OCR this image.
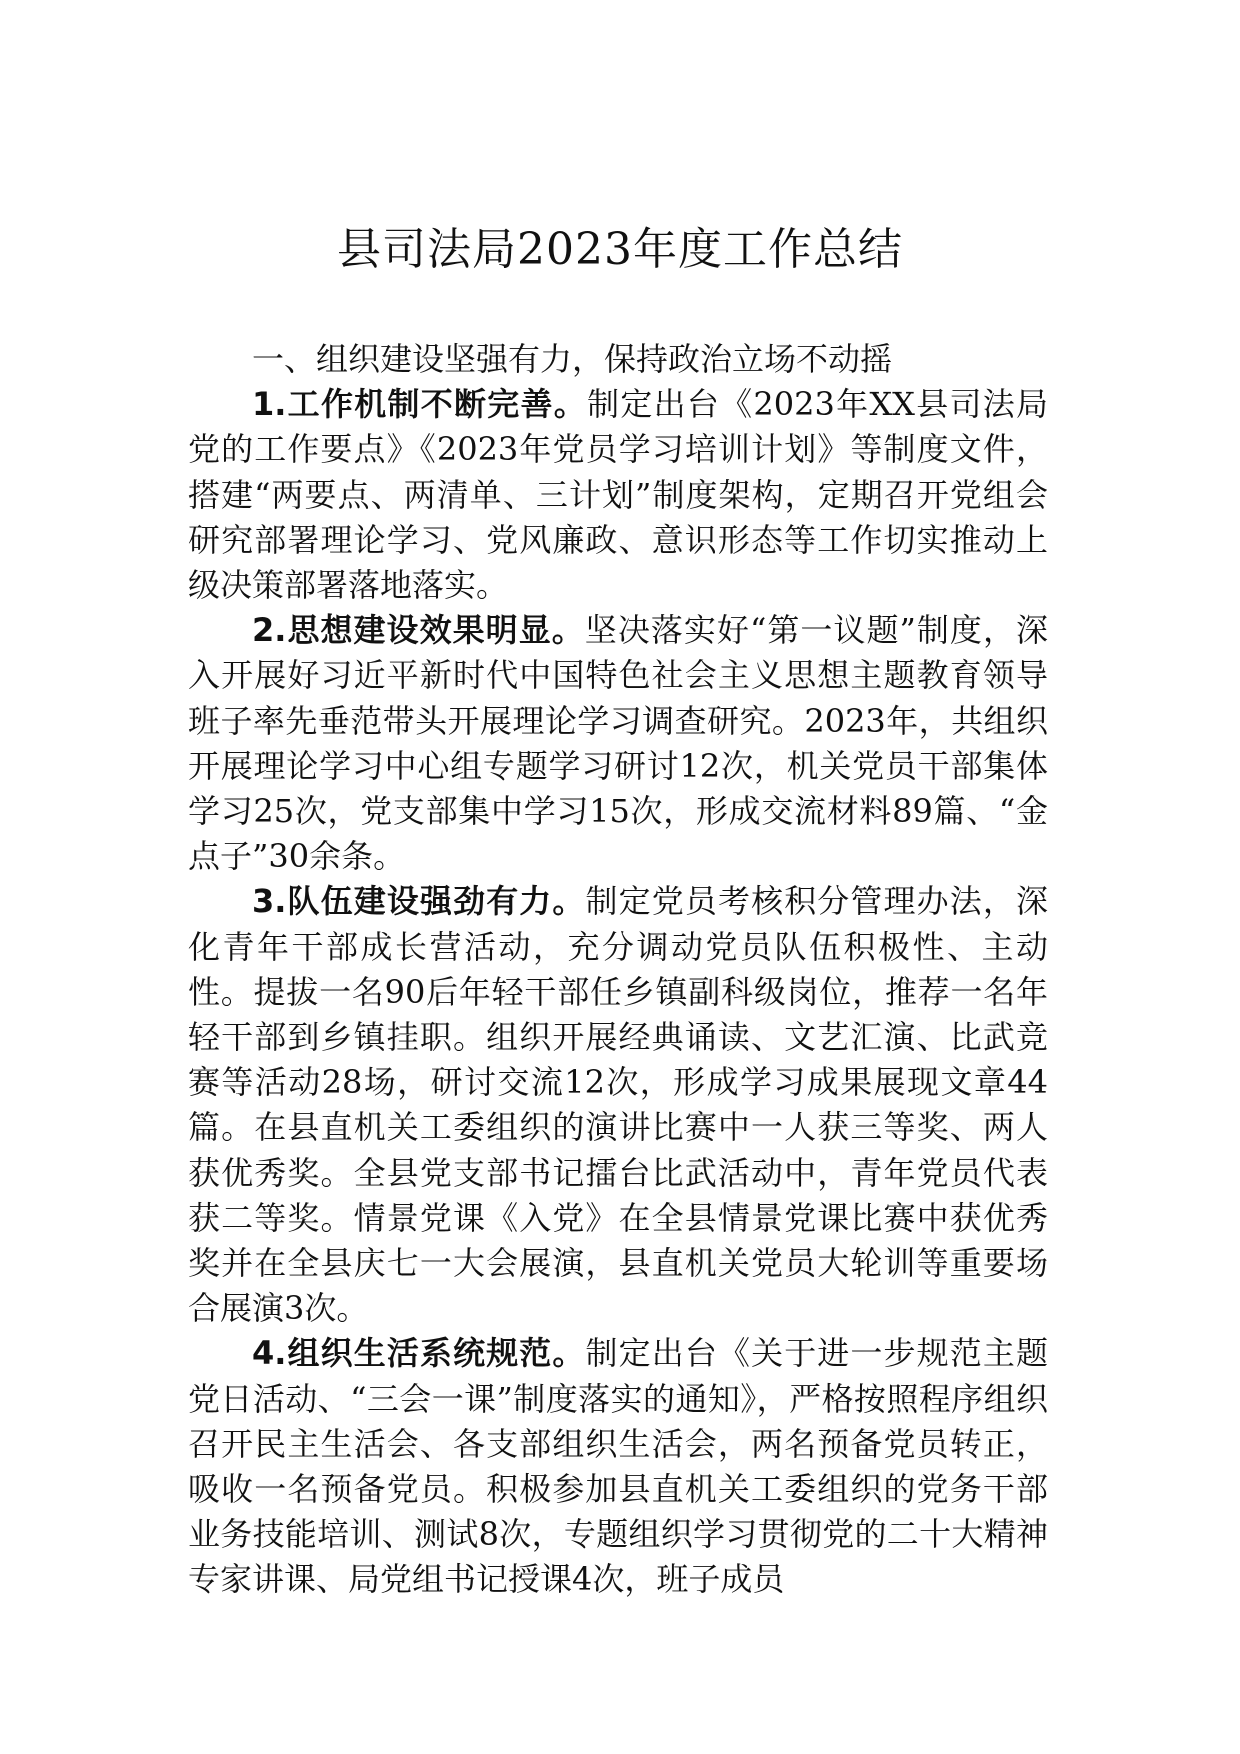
县司法局2023年度工作总结

一、组织建设坚强有力，保持政治立场不动摇

1.工作机制不断完善。制定出台《2023年XX县司法局党的工作要点》《2023年党员学习培训计划》等制度文件，搭建“两要点、两清单、三计划”制度架构，定期召开党组会研究部署理论学习、党风廉政、意识形态等工作切实推动上级决策部署落地落实。

2.思想建设效果明显。坚决落实好“第一议题”制度，深入开展好习近平新时代中国特色社会主义思想主题教育领导班子率先垂范带头开展理论学习调查研究。2023年，共组织开展理论学习中心组专题学习研讨12次，机关党员干部集体学习25次，党支部集中学习15次，形成交流材料89篇、“金点子”30余条。

3.队伍建设强劲有力。制定党员考核积分管理办法，深化青年干部成长营活动，充分调动党员队伍积极性、主动性。提拔一名90后年轻干部任乡镇副科级岗位，推荐一名年轻干部到乡镇挂职。组织开展经典诵读、文艺汇演、比武竞赛等活动28场，研讨交流12次，形成学习成果展现文章44篇。在县直机关工委组织的演讲比赛中一人获三等奖、两人获优秀奖。全县党支部书记擂台比武活动中，青年党员代表获二等奖。情景党课《入党》在全县情景党课比赛中获优秀奖并在全县庆七一大会展演，县直机关党员大轮训等重要场合展演3次。

4.组织生活系统规范。制定出台《关于进一步规范主题党日活动、“三会一课”制度落实的通知》，严格按照程序组织召开民主生活会、各支部组织生活会，两名预备党员转正，吸收一名预备党员。积极参加县直机关工委组织的党务干部业务技能培训、测试8次，专题组织学习贯彻党的二十大精神专家讲课、局党组书记授课4次，班子成员
